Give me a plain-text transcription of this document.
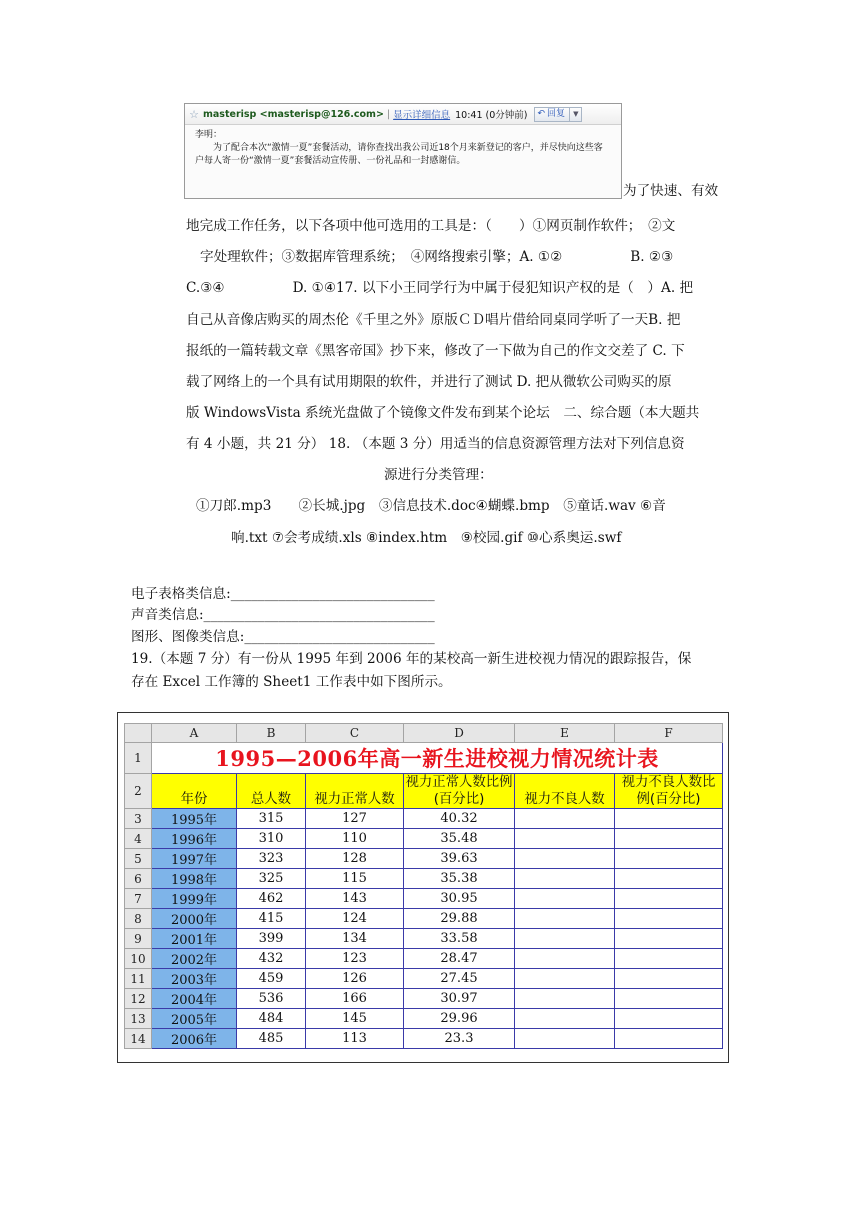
☆ masterisp <masterisp@126.com> | 显示详细信息 10:41 (0分钟前) ↶ 回复	▼
李明：
为了配合本次“激情一夏”套餐活动，请你查找出我公司近18个月来新登记的客户，并尽快向这些客户每人寄一份“激情一夏”套餐活动宣传册、一份礼品和一封感谢信。
为了快速、有效
地完成工作任务，以下各项中他可选用的工具是：（　　）①网页制作软件；　②文
字处理软件；③数据库管理系统；　④网络搜索引擎；A. ①②　　　　　B. ②③
C.③④　　　　　D. ①④17. 以下小王同学行为中属于侵犯知识产权的是（　）A. 把
自己从音像店购买的周杰伦《千里之外》原版ＣＤ唱片借给同桌同学听了一天B. 把
报纸的一篇转载文章《黑客帝国》抄下来，修改了一下做为自己的作文交差了 C. 下
载了网络上的一个具有试用期限的软件，并进行了测试 D. 把从微软公司购买的原
版 WindowsVista 系统光盘做了个镜像文件发布到某个论坛　二、综合题（本大题共
有 4 小题，共 21 分） 18. （本题 3 分）用适当的信息资源管理方法对下列信息资
源进行分类管理：
①刀郎.mp3　　②长城.jpg　③信息技术.doc④蝴蝶.bmp　⑤童话.wav ⑥音
响.txt ⑦会考成绩.xls ⑧index.htm　⑨校园.gif ⑩心系奥运.swf
电子表格类信息:______________________________
声音类信息:__________________________________
图形、图像类信息:____________________________
19.（本题 7 分）有一份从 1995 年到 2006 年的某校高一新生进校视力情况的跟踪报告，保
存在 Excel 工作簿的 Sheet1 工作表中如下图所示。
	A	B	C	D	E	F
1	1995—2006年高一新生进校视力情况统计表					
2	年份	总人数	视力正常人数	视力正常人数比例(百分比)	视力不良人数	视力不良人数比例(百分比)
3	1995年	315	127	40.32		
4	1996年	310	110	35.48		
5	1997年	323	128	39.63		
6	1998年	325	115	35.38		
7	1999年	462	143	30.95		
8	2000年	415	124	29.88		
9	2001年	399	134	33.58		
10	2002年	432	123	28.47		
11	2003年	459	126	27.45		
12	2004年	536	166	30.97		
13	2005年	484	145	29.96		
14	2006年	485	113	23.3		
